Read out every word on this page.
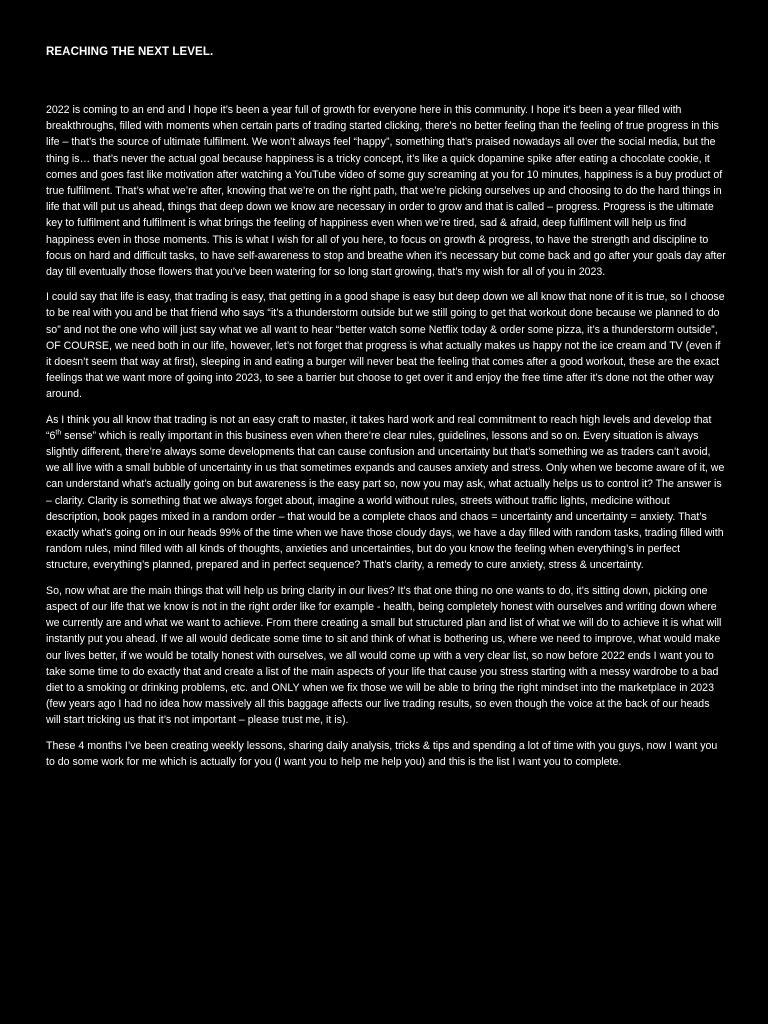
REACHING THE NEXT LEVEL.

2022 is coming to an end and I hope it’s been a year full of growth for everyone here in this community. I hope it’s been a year filled with breakthroughs, filled with moments when certain parts of trading started clicking, there’s no better feeling than the feeling of true progress in this life – that’s the source of ultimate fulfilment. We won’t always feel “happy”, something that’s praised nowadays all over the social media, but the thing is… that’s never the actual goal because happiness is a tricky concept, it’s like a quick dopamine spike after eating a chocolate cookie, it comes and goes fast like motivation after watching a YouTube video of some guy screaming at you for 10 minutes, happiness is a buy product of true fulfilment. That’s what we’re after, knowing that we’re on the right path, that we’re picking ourselves up and choosing to do the hard things in life that will put us ahead, things that deep down we know are necessary in order to grow and that is called – progress. Progress is the ultimate key to fulfilment and fulfilment is what brings the feeling of happiness even when we’re tired, sad & afraid, deep fulfilment will help us find happiness even in those moments. This is what I wish for all of you here, to focus on growth & progress, to have the strength and discipline to focus on hard and difficult tasks, to have self-awareness to stop and breathe when it’s necessary but come back and go after your goals day after day till eventually those flowers that you’ve been watering for so long start growing, that’s my wish for all of you in 2023.

I could say that life is easy, that trading is easy, that getting in a good shape is easy but deep down we all know that none of it is true, so I choose to be real with you and be that friend who says “it’s a thunderstorm outside but we still going to get that workout done because we planned to do so” and not the one who will just say what we all want to hear “better watch some Netflix today & order some pizza, it’s a thunderstorm outside”, OF COURSE, we need both in our life, however, let’s not forget that progress is what actually makes us happy not the ice cream and TV (even if it doesn’t seem that way at first), sleeping in and eating a burger will never beat the feeling that comes after a good workout, these are the exact feelings that we want more of going into 2023, to see a barrier but choose to get over it and enjoy the free time after it’s done not the other way around.

As I think you all know that trading is not an easy craft to master, it takes hard work and real commitment to reach high levels and develop that “6th sense” which is really important in this business even when there’re clear rules, guidelines, lessons and so on. Every situation is always slightly different, there’re always some developments that can cause confusion and uncertainty but that’s something we as traders can’t avoid, we all live with a small bubble of uncertainty in us that sometimes expands and causes anxiety and stress. Only when we become aware of it, we can understand what’s actually going on but awareness is the easy part so, now you may ask, what actually helps us to control it? The answer is – clarity. Clarity is something that we always forget about, imagine a world without rules, streets without traffic lights, medicine without description, book pages mixed in a random order – that would be a complete chaos and chaos = uncertainty and uncertainty = anxiety. That’s exactly what’s going on in our heads 99% of the time when we have those cloudy days, we have a day filled with random tasks, trading filled with random rules, mind filled with all kinds of thoughts, anxieties and uncertainties, but do you know the feeling when everything’s in perfect structure, everything’s planned, prepared and in perfect sequence? That’s clarity, a remedy to cure anxiety, stress & uncertainty.

So, now what are the main things that will help us bring clarity in our lives? It’s that one thing no one wants to do, it’s sitting down, picking one aspect of our life that we know is not in the right order like for example - health, being completely honest with ourselves and writing down where we currently are and what we want to achieve. From there creating a small but structured plan and list of what we will do to achieve it is what will instantly put you ahead. If we all would dedicate some time to sit and think of what is bothering us, where we need to improve, what would make our lives better, if we would be totally honest with ourselves, we all would come up with a very clear list, so now before 2022 ends I want you to take some time to do exactly that and create a list of the main aspects of your life that cause you stress starting with a messy wardrobe to a bad diet to a smoking or drinking problems, etc. and ONLY when we fix those we will be able to bring the right mindset into the marketplace in 2023 (few years ago I had no idea how massively all this baggage affects our live trading results, so even though the voice at the back of our heads will start tricking us that it’s not important – please trust me, it is).

These 4 months I’ve been creating weekly lessons, sharing daily analysis, tricks & tips and spending a lot of time with you guys, now I want you to do some work for me which is actually for you (I want you to help me help you) and this is the list I want you to complete.
